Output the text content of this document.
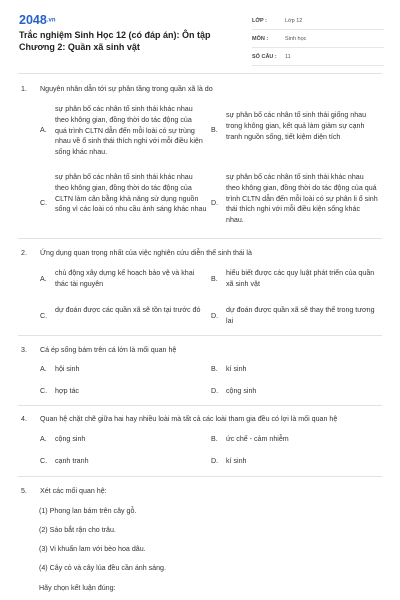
2048.vn
Trắc nghiệm Sinh Học 12 (có đáp án): Ôn tập Chương 2: Quần xã sinh vật
LỚP :	Lớp 12
MÔN :	Sinh học
SỐ CÂU :	11
1.	Nguyên nhân dẫn tới sự phân tầng trong quần xã là do
A.
sự phân bố các nhân tố sinh thái khác nhau theo không gian, đồng thời do tác động của quá trình CLTN dẫn đến mỗi loài có sự trùng nhau về ổ sinh thái thích nghi với mỗi điều kiện sống khác nhau.
B.
sự phân bố các nhân tố sinh thái giống nhau trong không gian, kết quả làm giảm sự cạnh tranh nguồn sống, tiết kiệm diện tích
C.
sự phân bố các nhân tố sinh thái khác nhau theo không gian, đồng thời do tác động của CLTN làm cân bằng khả năng sử dụng nguồn sống vì các loài có nhu cầu ánh sáng khác nhau
D.
sự phân bố các nhân tố sinh thái khác nhau theo không gian, đồng thời do tác động của quá trình CLTN dẫn đến mỗi loài có sự phân li ổ sinh thái thích nghi với mỗi điều kiện sống khác nhau.
2.	Ứng dụng quan trọng nhất của việc nghiên cứu diễn thế sinh thái là
A.
chủ động xây dựng kế hoạch bảo vệ và khai thác tài nguyên
B.
hiểu biết được các quy luật phát triển của quần xã sinh vật
C.
dự đoán được các quần xã sẽ tồn tại trước đó
D.
dự đoán được quần xã sẽ thay thế trong tương lai
3.	Cá ép sống bám trên cá lớn là mối quan hệ
A. hội sinh	B. kí sinh
C. hợp tác	D. cộng sinh
4.	Quan hệ chặt chẽ giữa hai hay nhiều loài mà tất cả các loài tham gia đều có lợi là mối quan hệ
A. cộng sinh	B. ức chế - cảm nhiễm
C. cạnh tranh	D. kí sinh
5.	Xét các mối quan hệ:
(1) Phong lan bám trên cây gỗ.
(2) Sáo bắt rận cho trâu.
(3) Vi khuẩn lam với bèo hoa dâu.
(4) Cây cỏ và cây lúa đều cần ánh sáng.
Hãy chọn kết luận đúng:
